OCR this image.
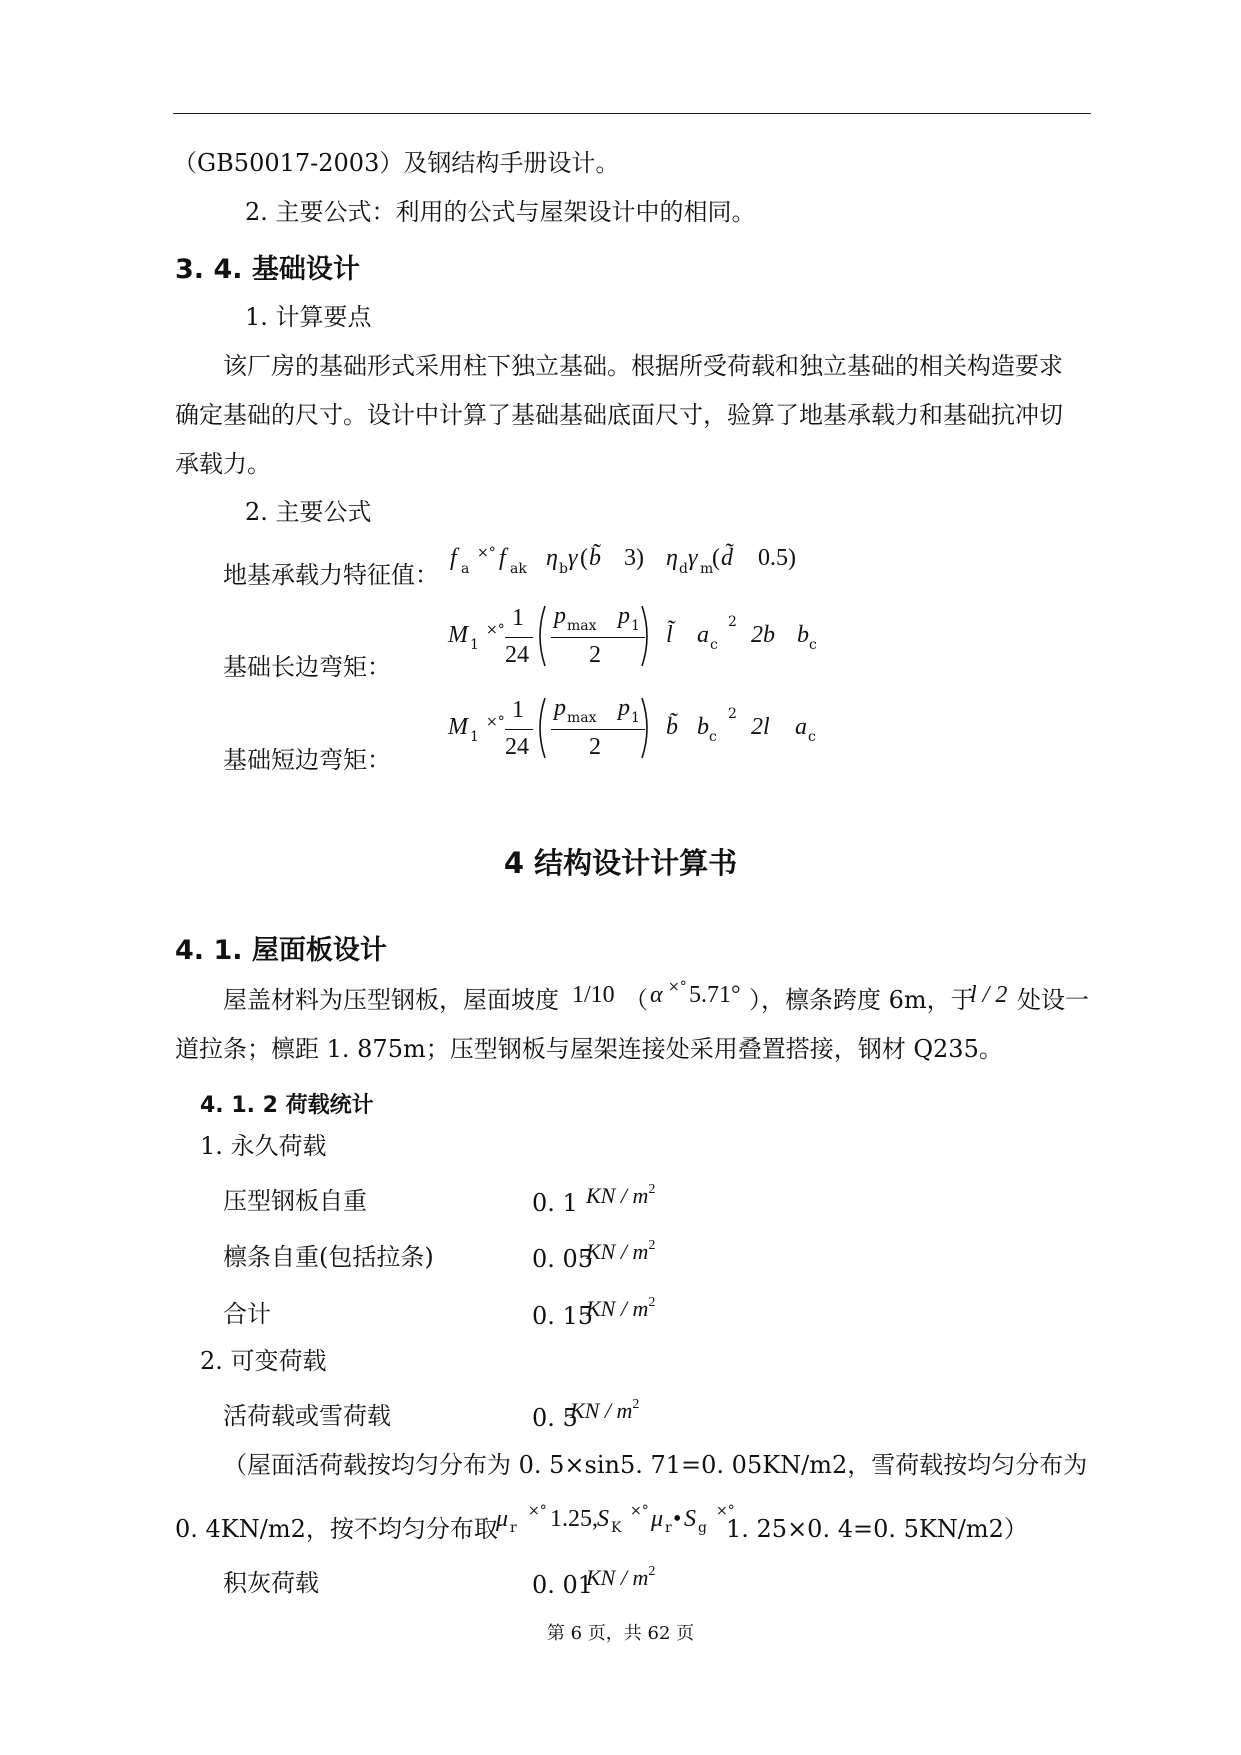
（GB50017-2003）及钢结构手册设计。
2. 主要公式：利用的公式与屋架设计中的相同。
3. 4. 基础设计
1. 计算要点
该厂房的基础形式采用柱下独立基础。根据所受荷载和独立基础的相关构造要求
确定基础的尺寸。设计中计算了基础基础底面尺寸，验算了地基承载力和基础抗冲切
承载力。
2. 主要公式
地基承载力特征值：
f a
×° f ak η b γ ( b̃ 3) η d γ m
( d̃ 0.5)
基础长边弯矩：
M 1
×° 1
24
p max p 1
2
l̃ a c
2 2b b c
基础短边弯矩：
M 1
×° 1
24
p max p 1
2
b̃ b c
2 2l a c
4 结构设计计算书
4. 1. 屋面板设计
屋盖材料为压型钢板，屋面坡度 1/10 （ α ×° 5.71° ），檩条跨度 6m，于
l / 2 处设一
道拉条；檩距 1. 875m；压型钢板与屋架连接处采用叠置搭接，钢材 Q235。
4. 1. 2 荷载统计
1. 永久荷载
压型钢板自重	0. 1 KN / $m^2$
檩条自重(包括拉条)	0. 05
KN / $m^2$
合计	0. 15
KN / $m^2$
2. 可变荷载
活荷载或雪荷载	0. 5
KN / $m^2$
（屋面活荷载按均匀分布为 0. 5×sin5. 71=0. 05KN/m2，雪荷载按均匀分布为
0. 4KN/m2，按不均匀分布取
μ r
×° 1.25, S K
×° μ r • S g
×°
1. 25×0. 4=0. 5KN/m2）
积灰荷载	0. 01
KN / $m^2$
第 6 页，共 62 页
